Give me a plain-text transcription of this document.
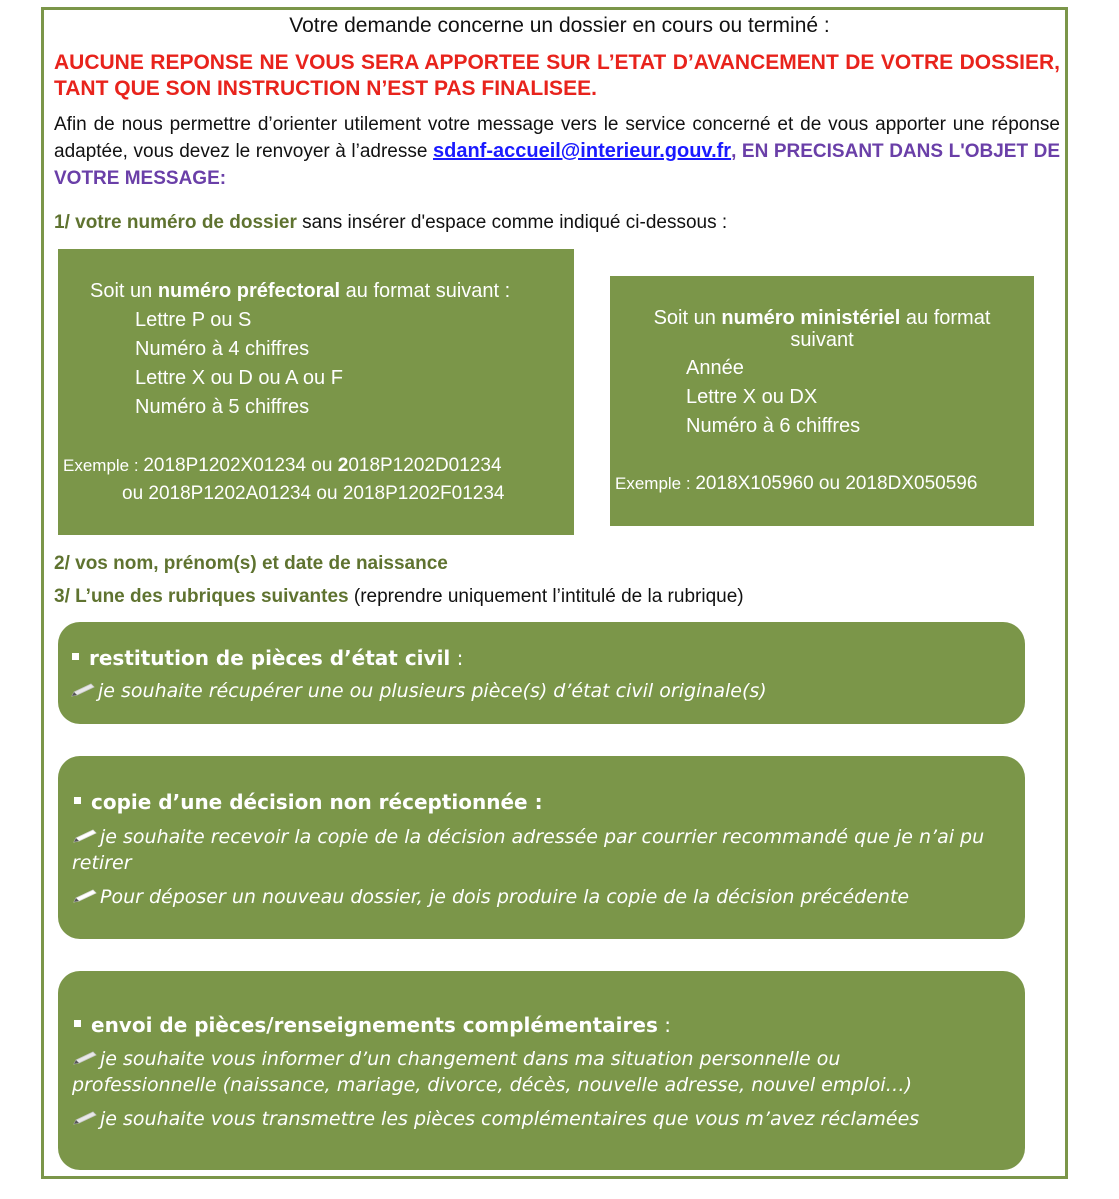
Votre demande concerne un dossier en cours ou terminé :
AUCUNE REPONSE NE VOUS SERA APPORTEE SUR L’ETAT D’AVANCEMENT DE VOTRE DOSSIER, TANT QUE SON INSTRUCTION N’EST PAS FINALISEE.
Afin de nous permettre d’orienter utilement votre message vers le service concerné et de vous apporter une réponse adaptée, vous devez le renvoyer à l’adresse sdanf-accueil@interieur.gouv.fr, EN PRECISANT DANS L'OBJET DE VOTRE MESSAGE:
1/ votre numéro de dossier sans insérer d'espace comme indiqué ci-dessous :
Soit un numéro préfectoral au format suivant :
Lettre P ou S
Numéro à 4 chiffres
Lettre X ou D ou A ou F
Numéro à 5 chiffres
Exemple : 2018P1202X01234 ou 2018P1202D01234
ou 2018P1202A01234 ou 2018P1202F01234
Soit un numéro ministériel au format
suivant
Année
Lettre X ou DX
Numéro à 6 chiffres
Exemple : 2018X105960 ou 2018DX050596
2/ vos nom, prénom(s) et date de naissance
3/ L’une des rubriques suivantes (reprendre uniquement l’intitulé de la rubrique)
restitution de pièces d’état civil :
je souhaite récupérer une ou plusieurs pièce(s) d’état civil originale(s)
copie d’une décision non réceptionnée :
je souhaite recevoir la copie de la décision adressée par courrier recommandé que je n’ai pu retirer
Pour déposer un nouveau dossier, je dois produire la copie de la décision précédente
envoi de pièces/renseignements complémentaires :
je souhaite vous informer d’un changement dans ma situation personnelle ou professionnelle (naissance, mariage, divorce, décès, nouvelle adresse, nouvel emploi…)
je souhaite vous transmettre les pièces complémentaires que vous m’avez réclamées
